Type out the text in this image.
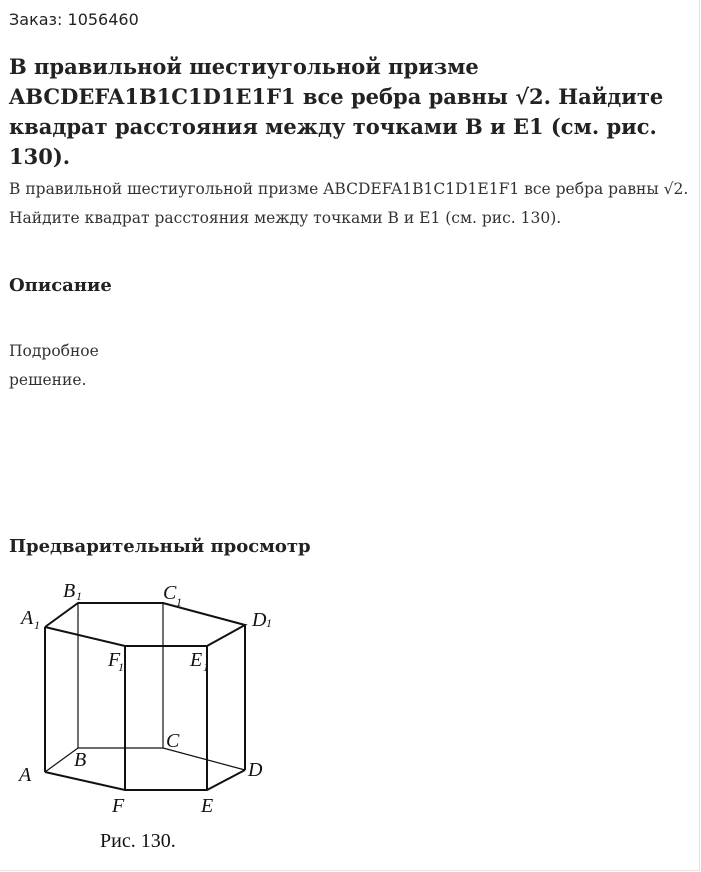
Заказ: 1056460

В правильной шестиугольной призме ABCDEFA1B1C1D1E1F1 все ребра равны √2. Найдите квадрат расстояния между точками B и E1 (см. рис. 130).

В правильной шестиугольной призме ABCDEFA1B1C1D1E1F1 все ребра равны √2. Найдите квадрат расстояния между точками B и E1 (см. рис. 130).

Описание

Подробное решение.

Предварительный просмотр
B 1	C 1
A 1	D 1
F
1	E 1
B
C
A	D
F	E
Рис. 130.
